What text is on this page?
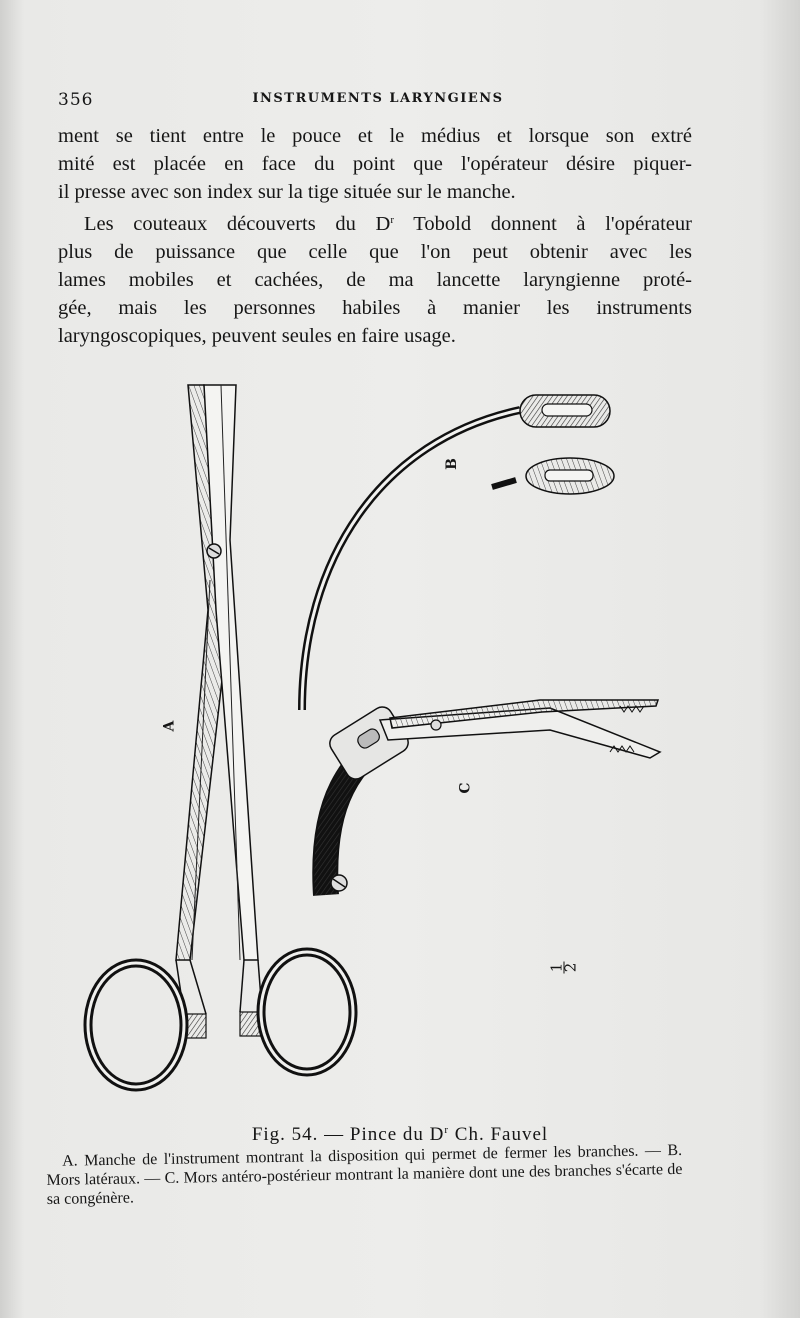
356	INSTRUMENTS LARYNGIENS

ment se tient entre le pouce et le médius et lorsque son extré
mité est placée en face du point que l'opérateur désire piquer-
il presse avec son index sur la tige située sur le manche.

Les couteaux découverts du $D^r$ Tobold donnent à l'opérateur
plus de puissance que celle que l'on peut obtenir avec les
lames mobiles et cachées, de ma lancette laryngienne proté-
gée, mais les personnes habiles à manier les instruments
laryngoscopiques, peuvent seules en faire usage.

A
B
C
1
2
Fig. 54. — Pince du $D^r$ Ch. Fauvel

A. Manche de l'instrument montrant la disposition qui permet de fermer les branches. — B. Mors latéraux. — C. Mors antéro-postérieur montrant la manière dont une des branches s'écarte de sa congénère.
